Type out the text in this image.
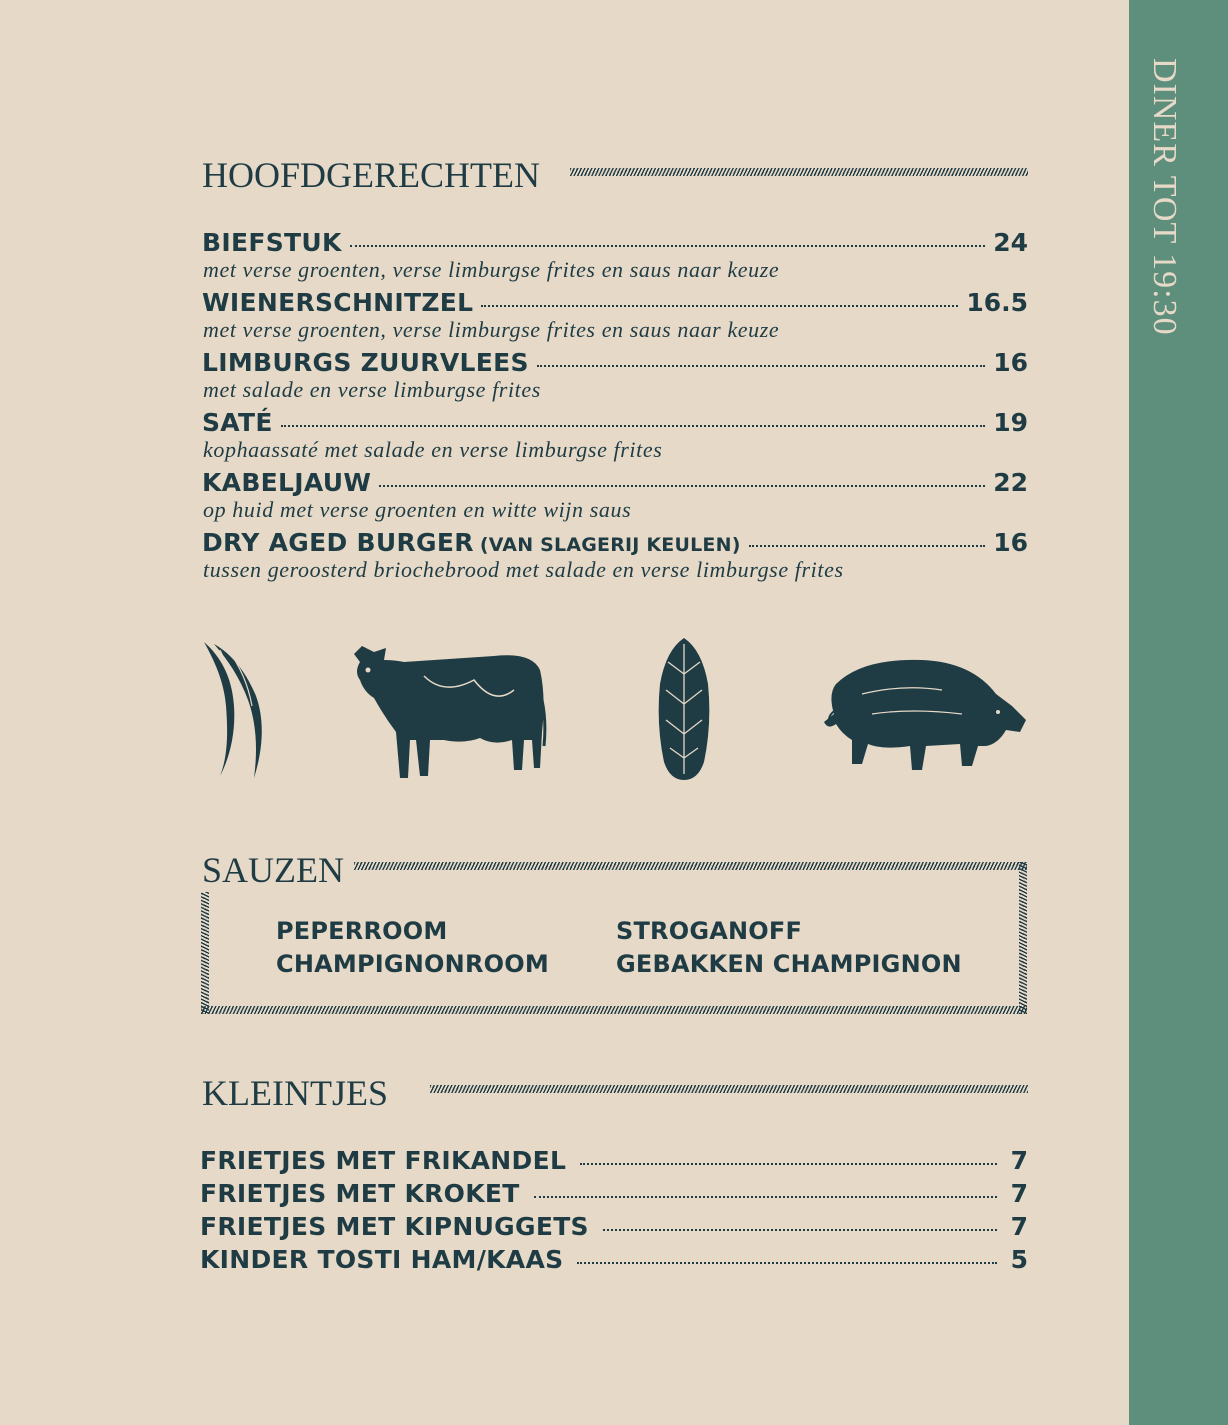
HOOFDGERECHTEN
BIEFSTUK	24
met verse groenten, verse limburgse frites en saus naar keuze
WIENERSCHNITZEL	16.5
met verse groenten, verse limburgse frites en saus naar keuze
LIMBURGS ZUURVLEES	16
met salade en verse limburgse frites
SATÉ	19
kophaassaté met salade en verse limburgse frites
KABELJAUW	22
op huid met verse groenten en witte wijn saus
DRY AGED BURGER (VAN SLAGERIJ KEULEN)	16
tussen geroosterd briochebrood met salade en verse limburgse frites
SAUZEN
PEPERROOM
CHAMPIGNONROOM
STROGANOFF
GEBAKKEN CHAMPIGNON
KLEINTJES
FRIETJES MET FRIKANDEL	7
FRIETJES MET KROKET	7
FRIETJES MET KIPNUGGETS	7
KINDER TOSTI HAM/KAAS	5
DINER TOT 19:30
